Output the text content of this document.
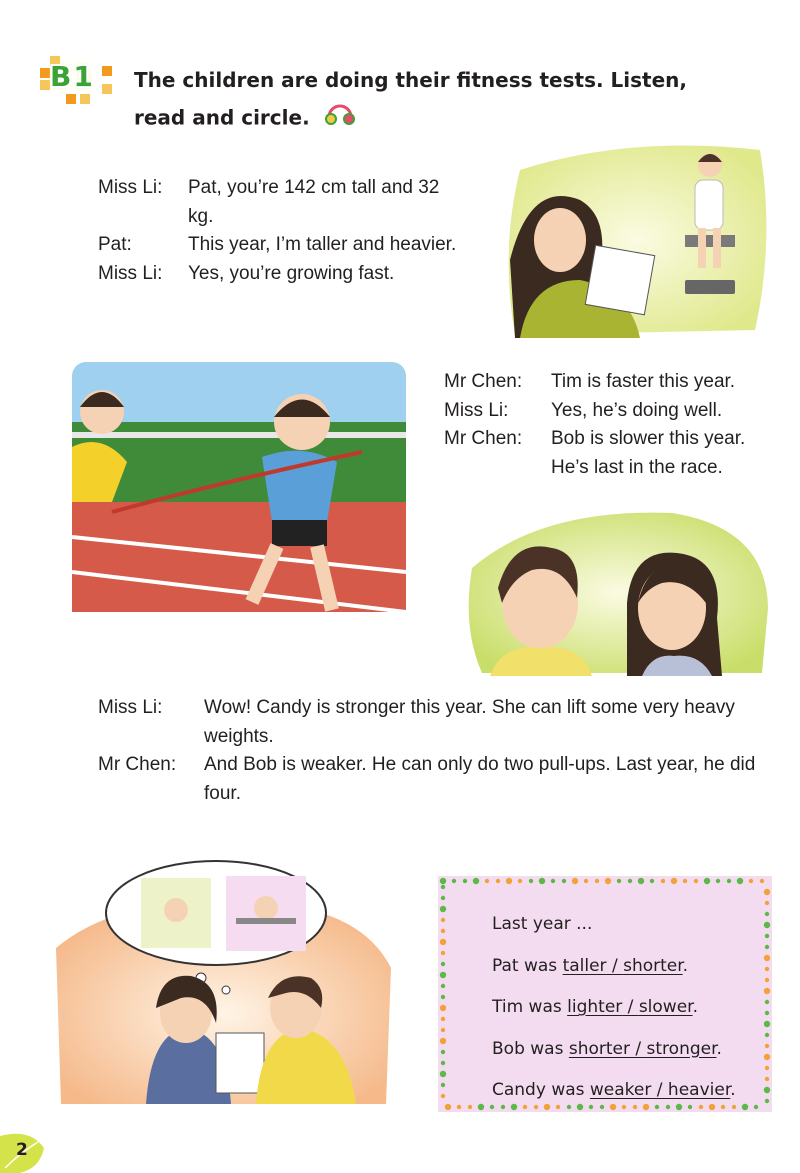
B1	The children are doing their fitness tests. Listen, read and circle.
Miss Li:	Pat, you’re 142 cm tall and 32 kg.
Pat:	This year, I’m taller and heavier.
Miss Li:	Yes, you’re growing fast.
Mr Chen:	Tim is faster this year.
Miss Li:	Yes, he’s doing well.
Mr Chen:	Bob is slower this year. He’s last in the race.
Miss Li:	Wow! Candy is stronger this year. She can lift some very heavy weights.
Mr Chen:	And Bob is weaker. He can only do two pull-ups. Last year, he did four.
Last year ...
Pat was taller / shorter.
Tim was lighter / slower.
Bob was shorter / stronger.
Candy was weaker / heavier.
2
